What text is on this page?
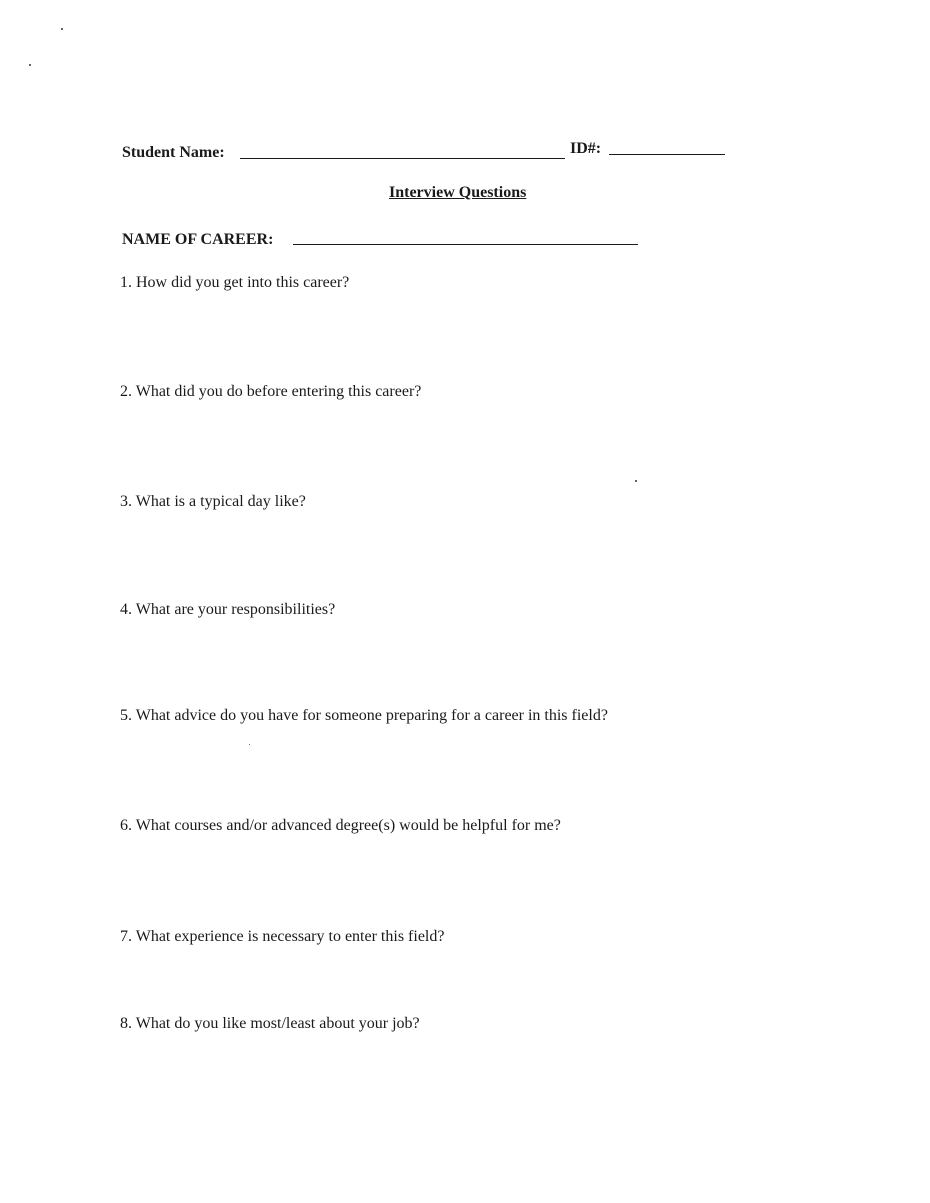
Student Name:	ID#:
Interview Questions
NAME OF CAREER:
1. How did you get into this career?
2. What did you do before entering this career?
3. What is a typical day like?
4. What are your responsibilities?
5. What advice do you have for someone preparing for a career in this field?
6. What courses and/or advanced degree(s) would be helpful for me?
7. What experience is necessary to enter this field?
8. What do you like most/least about your job?
